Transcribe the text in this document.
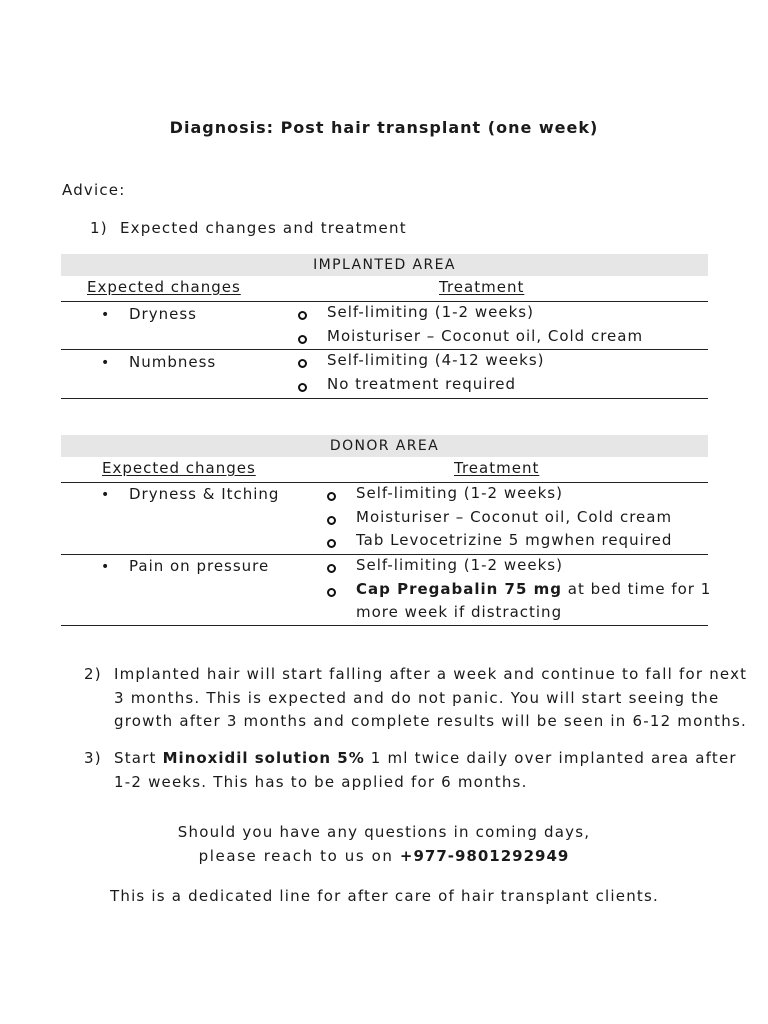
Diagnosis: Post hair transplant (one week)
Advice:
1) Expected changes and treatment
IMPLANTED AREA
Expected changes	Treatment
• Dryness	Self-limiting (1-2 weeks)
Moisturiser – Coconut oil, Cold cream
• Numbness	Self-limiting (4-12 weeks)
No treatment required
DONOR AREA
Expected changes	Treatment
• Dryness & Itching	Self-limiting (1-2 weeks)
Moisturiser – Coconut oil, Cold cream
Tab Levocetrizine 5 mgwhen required
• Pain on pressure	Self-limiting (1-2 weeks)
Cap Pregabalin 75 mg at bed time for 1
more week if distracting
2) Implanted hair will start falling after a week and continue to fall for next
3 months. This is expected and do not panic. You will start seeing the
growth after 3 months and complete results will be seen in 6-12 months.
3) Start Minoxidil solution 5% 1 ml twice daily over implanted area after
1-2 weeks. This has to be applied for 6 months.
Should you have any questions in coming days,
please reach to us on +977-9801292949
This is a dedicated line for after care of hair transplant clients.
